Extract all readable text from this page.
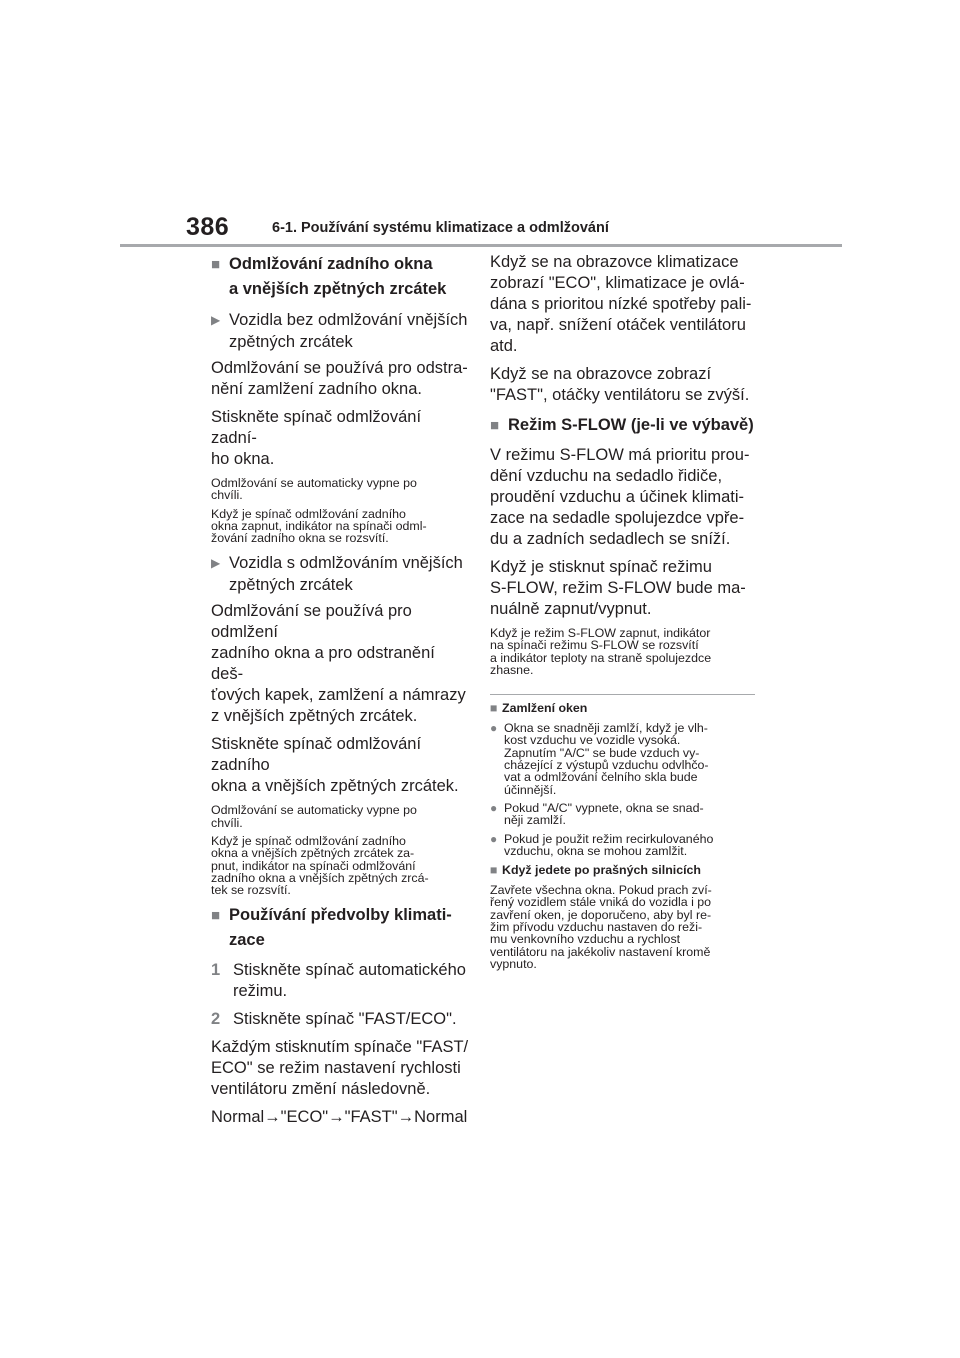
386	6-1. Používání systému klimatizace a odmlžování
■ Odmlžování zadního okna
a vnějších zpětných zrcátek
▶ Vozidla bez odmlžování vnějších
zpětných zrcátek
Odmlžování se používá pro odstra-
nění zamlžení zadního okna.
Stiskněte spínač odmlžování zadní-
ho okna.
Odmlžování se automaticky vypne po
chvíli.
Když je spínač odmlžování zadního
okna zapnut, indikátor na spínači odml-
žování zadního okna se rozsvítí.
▶ Vozidla s odmlžováním vnějších
zpětných zrcátek
Odmlžování se používá pro odmlžení
zadního okna a pro odstranění deš-
ťových kapek, zamlžení a námrazy
z vnějších zpětných zrcátek.
Stiskněte spínač odmlžování zadního
okna a vnějších zpětných zrcátek.
Odmlžování se automaticky vypne po
chvíli.
Když je spínač odmlžování zadního
okna a vnějších zpětných zrcátek za-
pnut, indikátor na spínači odmlžování
zadního okna a vnějších zpětných zrcá-
tek se rozsvítí.
■ Používání předvolby klimati-
zace
1 Stiskněte spínač automatického
režimu.
2 Stiskněte spínač "FAST/ECO".
Každým stisknutím spínače "FAST/
ECO" se režim nastavení rychlosti
ventilátoru změní následovně.
Normal→"ECO"→"FAST"→Normal
Když se na obrazovce klimatizace
zobrazí "ECO", klimatizace je ovlá-
dána s prioritou nízké spotřeby pali-
va, např. snížení otáček ventilátoru
atd.
Když se na obrazovce zobrazí
"FAST", otáčky ventilátoru se zvýší.
■ Režim S-FLOW (je-li ve výbavě)
V režimu S-FLOW má prioritu prou-
dění vzduchu na sedadlo řidiče,
proudění vzduchu a účinek klimati-
zace na sedadle spolujezdce vpře-
du a zadních sedadlech se sníží.
Když je stisknut spínač režimu
S-FLOW, režim S-FLOW bude ma-
nuálně zapnut/vypnut.
Když je režim S-FLOW zapnut, indikátor
na spínači režimu S-FLOW se rozsvítí
a indikátor teploty na straně spolujezdce
zhasne.
■ Zamlžení oken
● Okna se snadněji zamlží, když je vlh-
kost vzduchu ve vozidle vysoká.
Zapnutím "A/C" se bude vzduch vy-
cházející z výstupů vzduchu odvlhčo-
vat a odmlžování čelního skla bude
účinnější.
● Pokud "A/C" vypnete, okna se snad-
něji zamlží.
● Pokud je použit režim recirkulovaného
vzduchu, okna se mohou zamlžit.
■ Když jedete po prašných silnicích
Zavřete všechna okna. Pokud prach zví-
řený vozidlem stále vniká do vozidla i po
zavření oken, je doporučeno, aby byl re-
žim přívodu vzduchu nastaven do reži-
mu venkovního vzduchu a rychlost
ventilátoru na jakékoliv nastavení kromě
vypnuto.
